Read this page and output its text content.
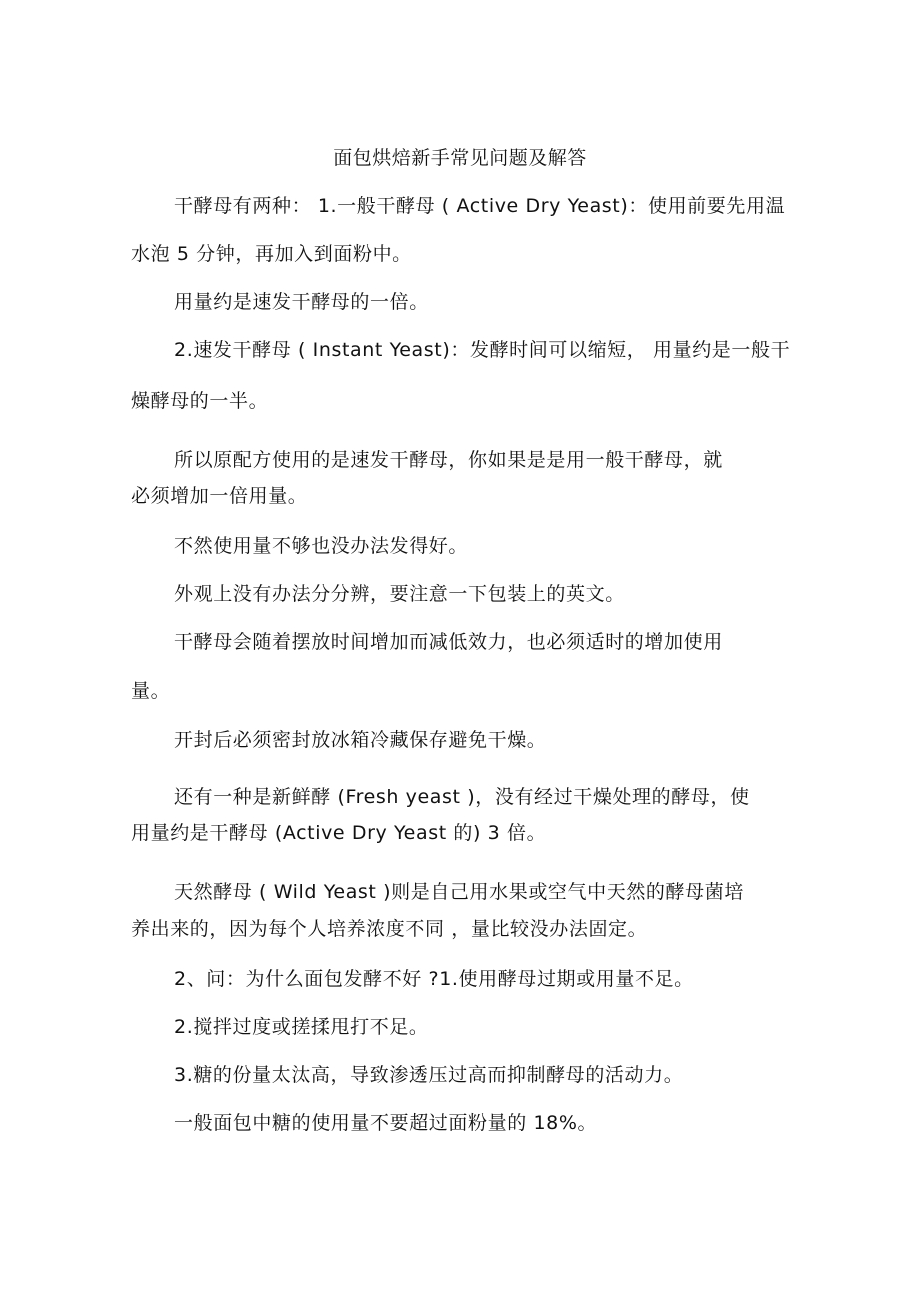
面包烘焙新手常见问题及解答
干酵母有两种： 1.一般干酵母 ( Active Dry Yeast)：使用前要先用温
水泡 5 分钟，再加入到面粉中。
用量约是速发干酵母的一倍。
2.速发干酵母 ( Instant Yeast)：发酵时间可以缩短， 用量约是一般干
燥酵母的一半。
所以原配方使用的是速发干酵母，你如果是是用一般干酵母，就
必须增加一倍用量。
不然使用量不够也没办法发得好。
外观上没有办法分分辨，要注意一下包装上的英文。
干酵母会随着摆放时间增加而减低效力，也必须适时的增加使用
量。
开封后必须密封放冰箱冷藏保存避免干燥。
还有一种是新鲜酵 (Fresh yeast )，没有经过干燥处理的酵母，使
用量约是干酵母 (Active Dry Yeast 的) 3 倍。
天然酵母 ( Wild Yeast )则是自己用水果或空气中天然的酵母菌培
养出来的，因为每个人培养浓度不同 ，量比较没办法固定。
2、问：为什么面包发酵不好 ?1.使用酵母过期或用量不足。
2.搅拌过度或搓揉甩打不足。
3.糖的份量太汰高，导致渗透压过高而抑制酵母的活动力。
一般面包中糖的使用量不要超过面粉量的 18%。
